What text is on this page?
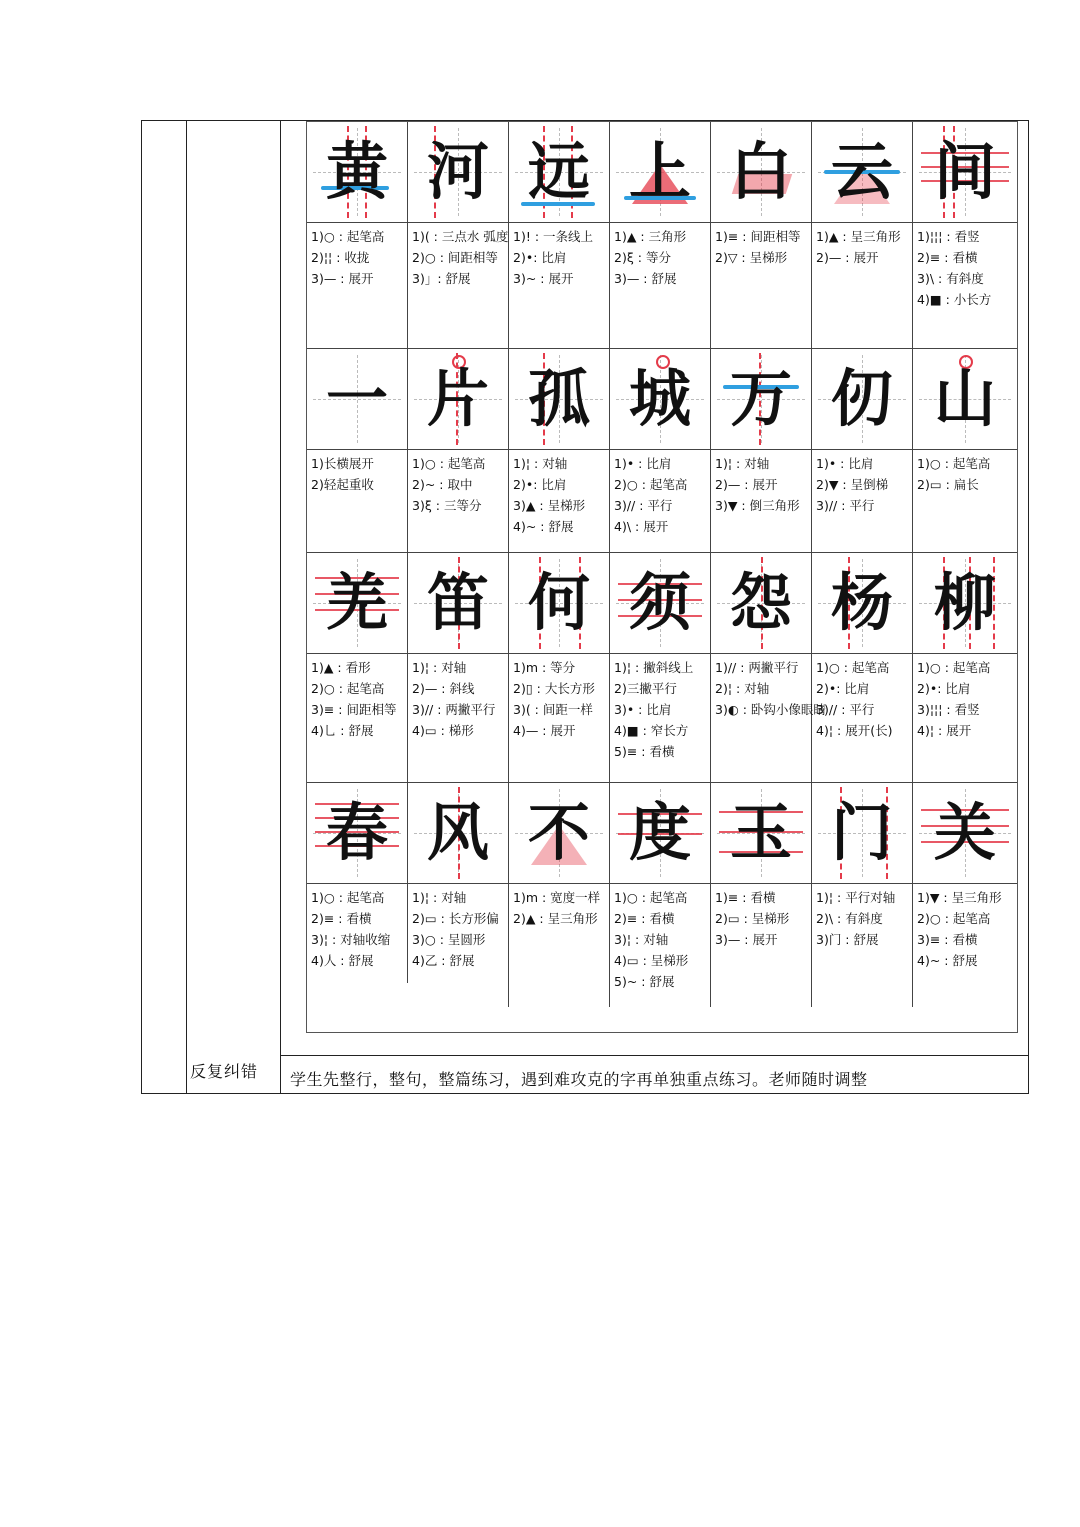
反复纠错 学生先整行，整句，整篇练习，遇到难攻克的字再单独重点练习。老师随时调整
黄
1)○ : 起笔高
2)¦¦ : 收拢
3)— : 展开
河
1)( : 三点水 弧度
2)○ : 间距相等
3)」: 舒展
远
1)! : 一条线上
2)•: 比肩
3)~ : 展开
上
1)▲ : 三角形
2)ξ : 等分
3)— : 舒展
白
1)≡ : 间距相等
2)▽ : 呈梯形
云
1)▲ : 呈三角形
2)— : 展开
间
1)¦¦¦ : 看竖
2)≡ : 看横
3)\ : 有斜度
4)■ : 小长方
一
1)长横展开
2)轻起重收
片
1)○ : 起笔高
2)~ : 取中
3)ξ : 三等分
孤
1)¦ : 对轴
2)•: 比肩
3)▲ : 呈梯形
4)~ : 舒展
城
1)• : 比肩
2)○ : 起笔高
3)// : 平行
4)\ : 展开
万
1)¦ : 对轴
2)— : 展开
3)▼ : 倒三角形
仞
1)• : 比肩
2)▼ : 呈倒梯
3)// : 平行
山
1)○ : 起笔高
2)▭ : 扁长
羌
1)▲ : 看形
2)○ : 起笔高
3)≡ : 间距相等
4)乚 : 舒展
笛
1)¦ : 对轴
2)— : 斜线
3)// : 两撇平行
4)▭ : 梯形
何
1)m : 等分
2)▯ : 大长方形
3)( : 间距一样
4)— : 展开
须
1)¦ : 撇斜线上
2)三撇平行
3)• : 比肩
4)■ : 窄长方
5)≡ : 看横
怨
1)// : 两撇平行
2)¦ : 对轴
3)◐ : 卧钩小像眼睛
杨
1)○ : 起笔高
2)•: 比肩
3)// : 平行
4)¦ : 展开(长)
柳
1)○ : 起笔高
2)•: 比肩
3)¦¦¦ : 看竖
4)¦ : 展开
春
1)○ : 起笔高
2)≡ : 看横
3)¦ : 对轴收缩
4)人 : 舒展
风
1)¦ : 对轴
2)▭ : 长方形偏
3)○ : 呈圆形
4)乙 : 舒展
不
1)m : 宽度一样
2)▲ : 呈三角形
度
1)○ : 起笔高
2)≡ : 看横
3)¦ : 对轴
4)▭ : 呈梯形
5)~ : 舒展
玉
1)≡ : 看横
2)▭ : 呈梯形
3)— : 展开
门
1)¦ : 平行对轴
2)\ : 有斜度
3)门 : 舒展
关
1)▼ : 呈三角形
2)○ : 起笔高
3)≡ : 看横
4)~ : 舒展
